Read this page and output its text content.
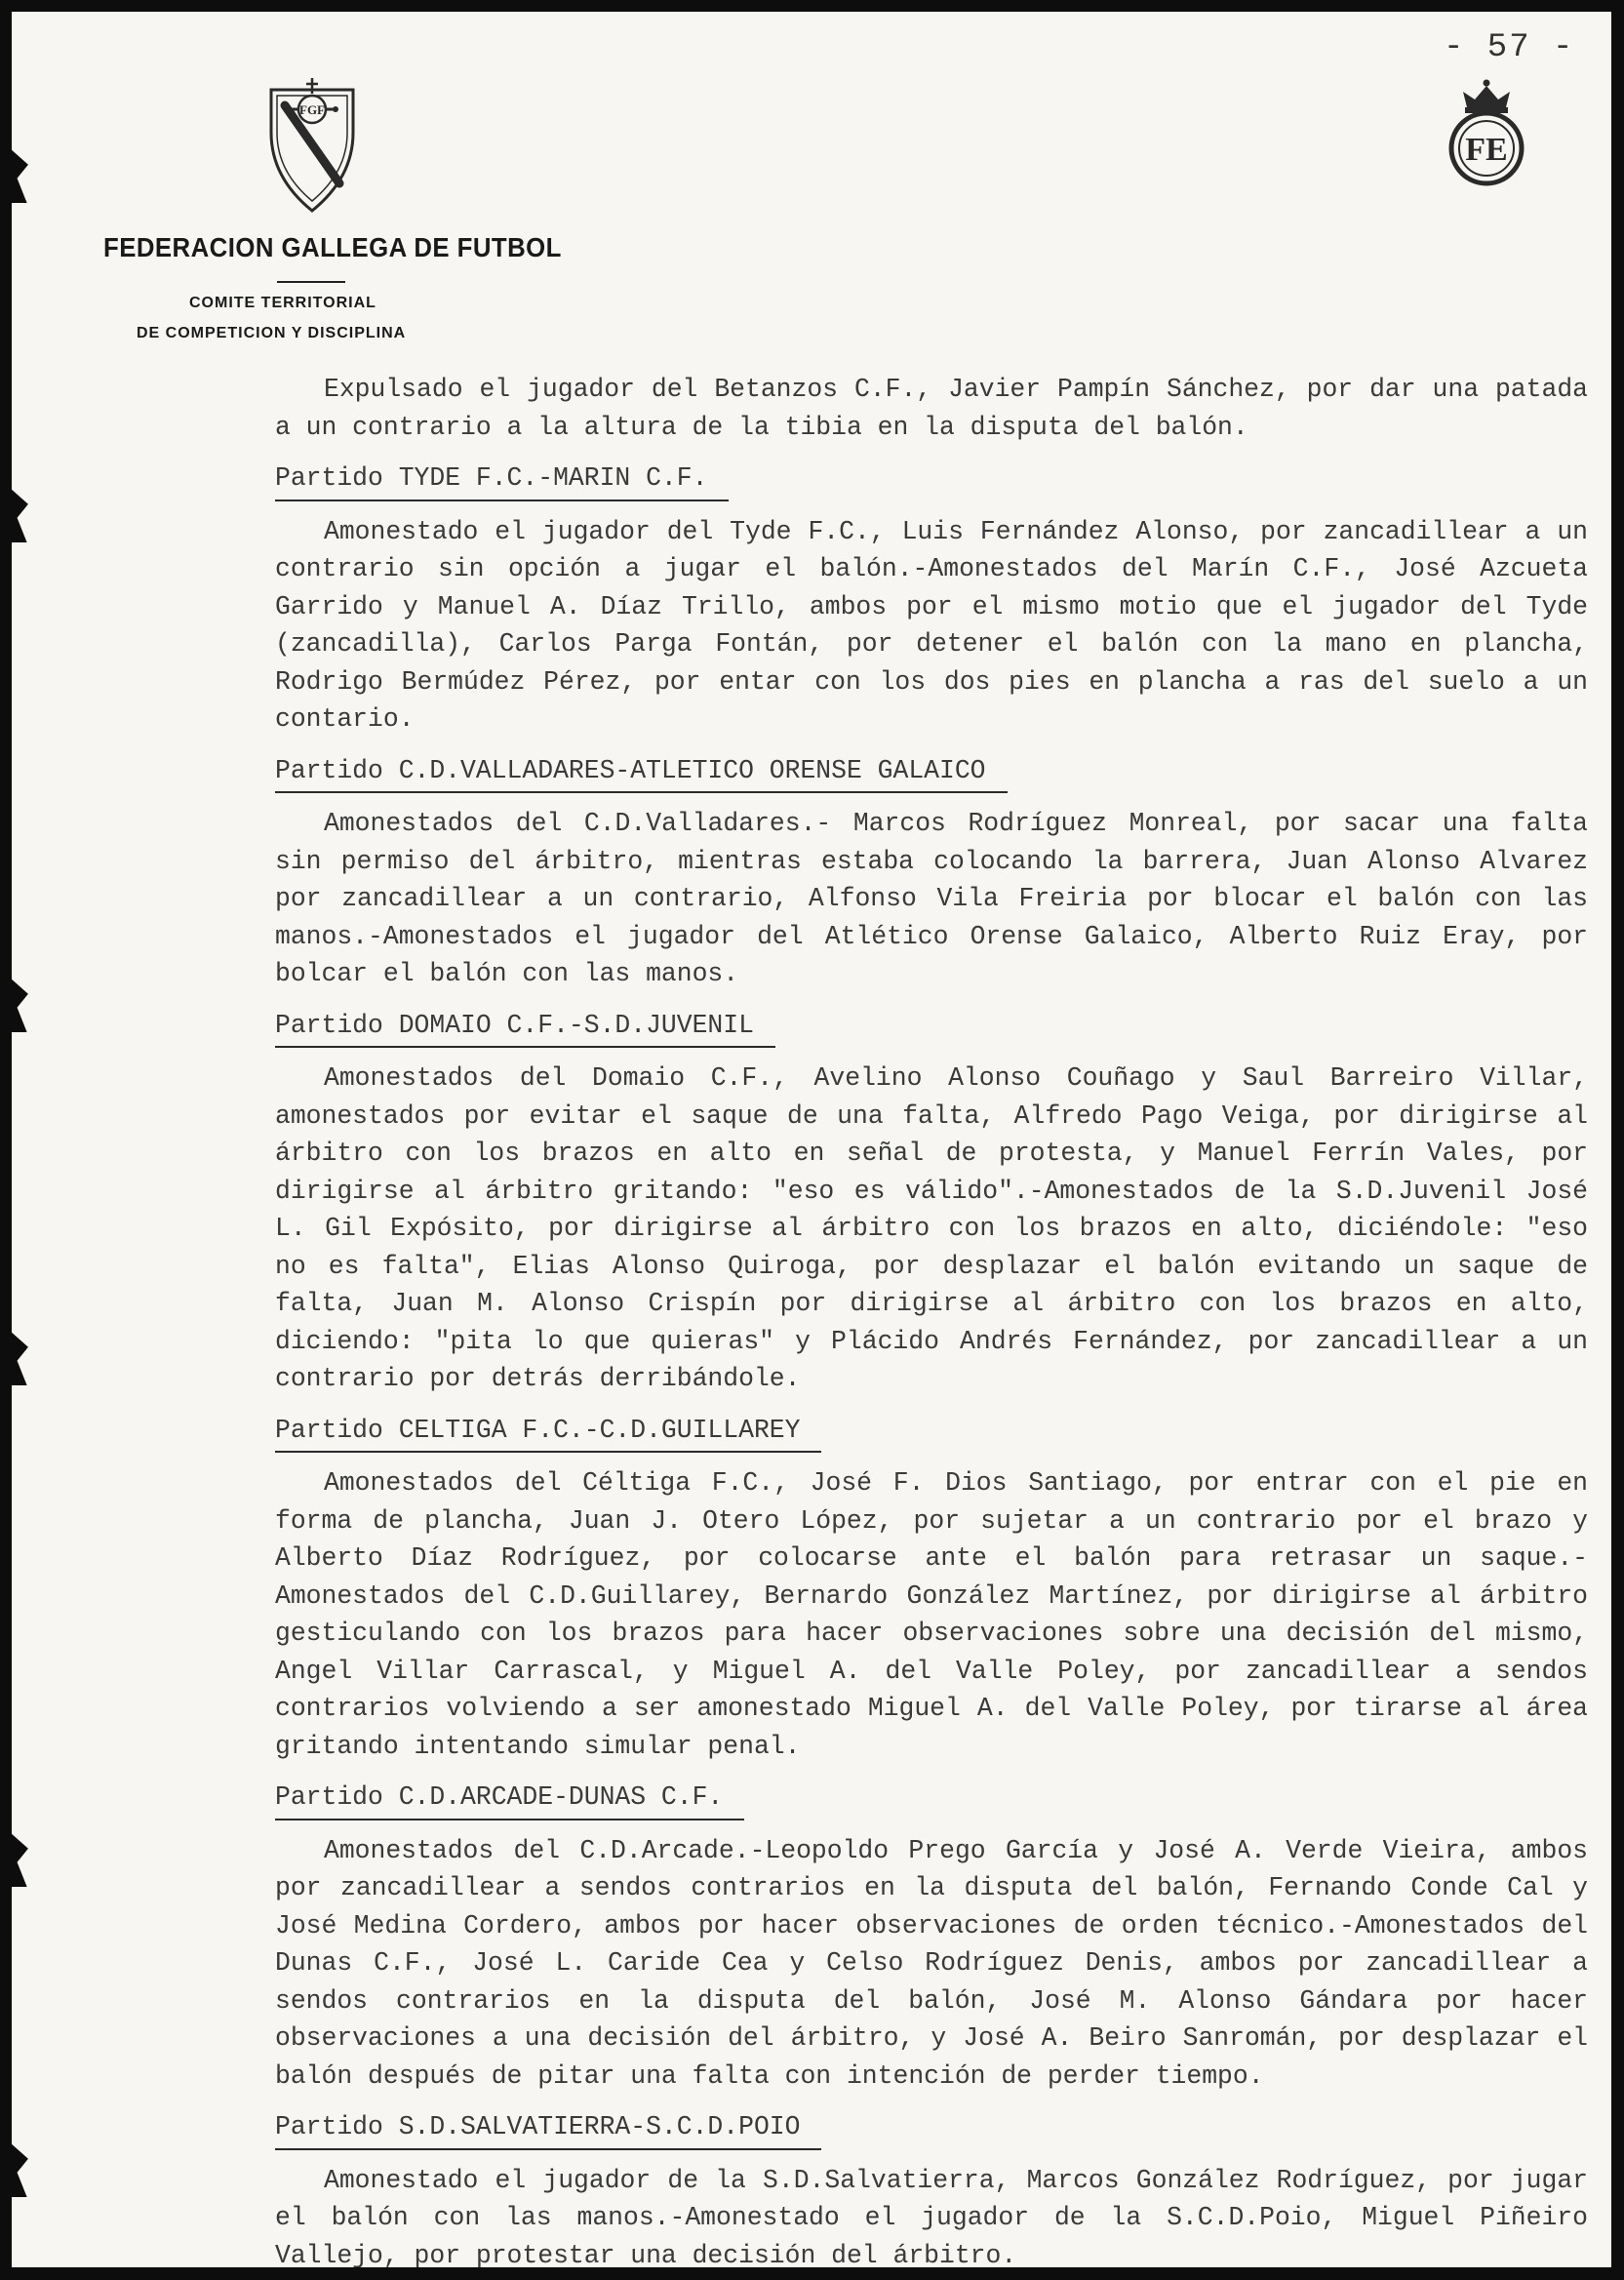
- 57 -
FGF
FE
FEDERACION GALLEGA DE FUTBOL
COMITE TERRITORIAL
DE COMPETICION Y DISCIPLINA

Expulsado el jugador del Betanzos C.F., Javier Pampín Sánchez, por dar una patada a un contrario a la altura de la tibia en la disputa del balón.

Partido TYDE F.C.-MARIN C.F.

Amonestado el jugador del Tyde F.C., Luis Fernández Alonso, por zancadillear a un contrario sin opción a jugar el balón.-Amonestados del Marín C.F., José Azcueta Garrido y Manuel A. Díaz Trillo, ambos por el mismo motio que el jugador del Tyde (zancadilla), Carlos Parga Fontán, por detener el balón con la mano en plancha, Rodrigo Bermúdez Pérez, por entar con los dos pies en plancha a ras del suelo a un contario.

Partido C.D.VALLADARES-ATLETICO ORENSE GALAICO

Amonestados del C.D.Valladares.- Marcos Rodríguez Monreal, por sacar una falta sin permiso del árbitro, mientras estaba colocando la barrera, Juan Alonso Alvarez por zancadillear a un contrario, Alfonso Vila Freiria por blocar el balón con las manos.-Amonestados el jugador del Atlético Orense Galaico, Alberto Ruiz Eray, por bolcar el balón con las manos.

Partido DOMAIO C.F.-S.D.JUVENIL

Amonestados del Domaio C.F., Avelino Alonso Couñago y Saul Barreiro Villar, amonestados por evitar el saque de una falta, Alfredo Pago Veiga, por dirigirse al árbitro con los brazos en alto en señal de protesta, y Manuel Ferrín Vales, por dirigirse al árbitro gritando: "eso es válido".-Amonestados de la S.D.Juvenil José L. Gil Expósito, por dirigirse al árbitro con los brazos en alto, diciéndole: "eso no es falta", Elias Alonso Quiroga, por desplazar el balón evitando un saque de falta, Juan M. Alonso Crispín por dirigirse al árbitro con los brazos en alto, diciendo: "pita lo que quieras" y Plácido Andrés Fernández, por zancadillear a un contrario por detrás derribándole.

Partido CELTIGA F.C.-C.D.GUILLAREY

Amonestados del Céltiga F.C., José F. Dios Santiago, por entrar con el pie en forma de plancha, Juan J. Otero López, por sujetar a un contrario por el brazo y Alberto Díaz Rodríguez, por colocarse ante el balón para retrasar un saque.-Amonestados del C.D.Guillarey, Bernardo González Martínez, por dirigirse al árbitro gesticulando con los brazos para hacer observaciones sobre una decisión del mismo, Angel Villar Carrascal, y Miguel A. del Valle Poley, por zancadillear a sendos contrarios volviendo a ser amonestado Miguel A. del Valle Poley, por tirarse al área gritando intentando simular penal.

Partido C.D.ARCADE-DUNAS C.F.

Amonestados del C.D.Arcade.-Leopoldo Prego García y José A. Verde Vieira, ambos por zancadillear a sendos contrarios en la disputa del balón, Fernando Conde Cal y José Medina Cordero, ambos por hacer observaciones de orden técnico.-Amonestados del Dunas C.F., José L. Caride Cea y Celso Rodríguez Denis, ambos por zancadillear a sendos contrarios en la disputa del balón, José M. Alonso Gándara por hacer observaciones a una decisión del árbitro, y José A. Beiro Sanromán, por desplazar el balón después de pitar una falta con intención de perder tiempo.

Partido S.D.SALVATIERRA-S.C.D.POIO

Amonestado el jugador de la S.D.Salvatierra, Marcos González Rodríguez, por jugar el balón con las manos.-Amonestado el jugador de la S.C.D.Poio, Miguel Piñeiro Vallejo, por protestar una decisión del árbitro.
